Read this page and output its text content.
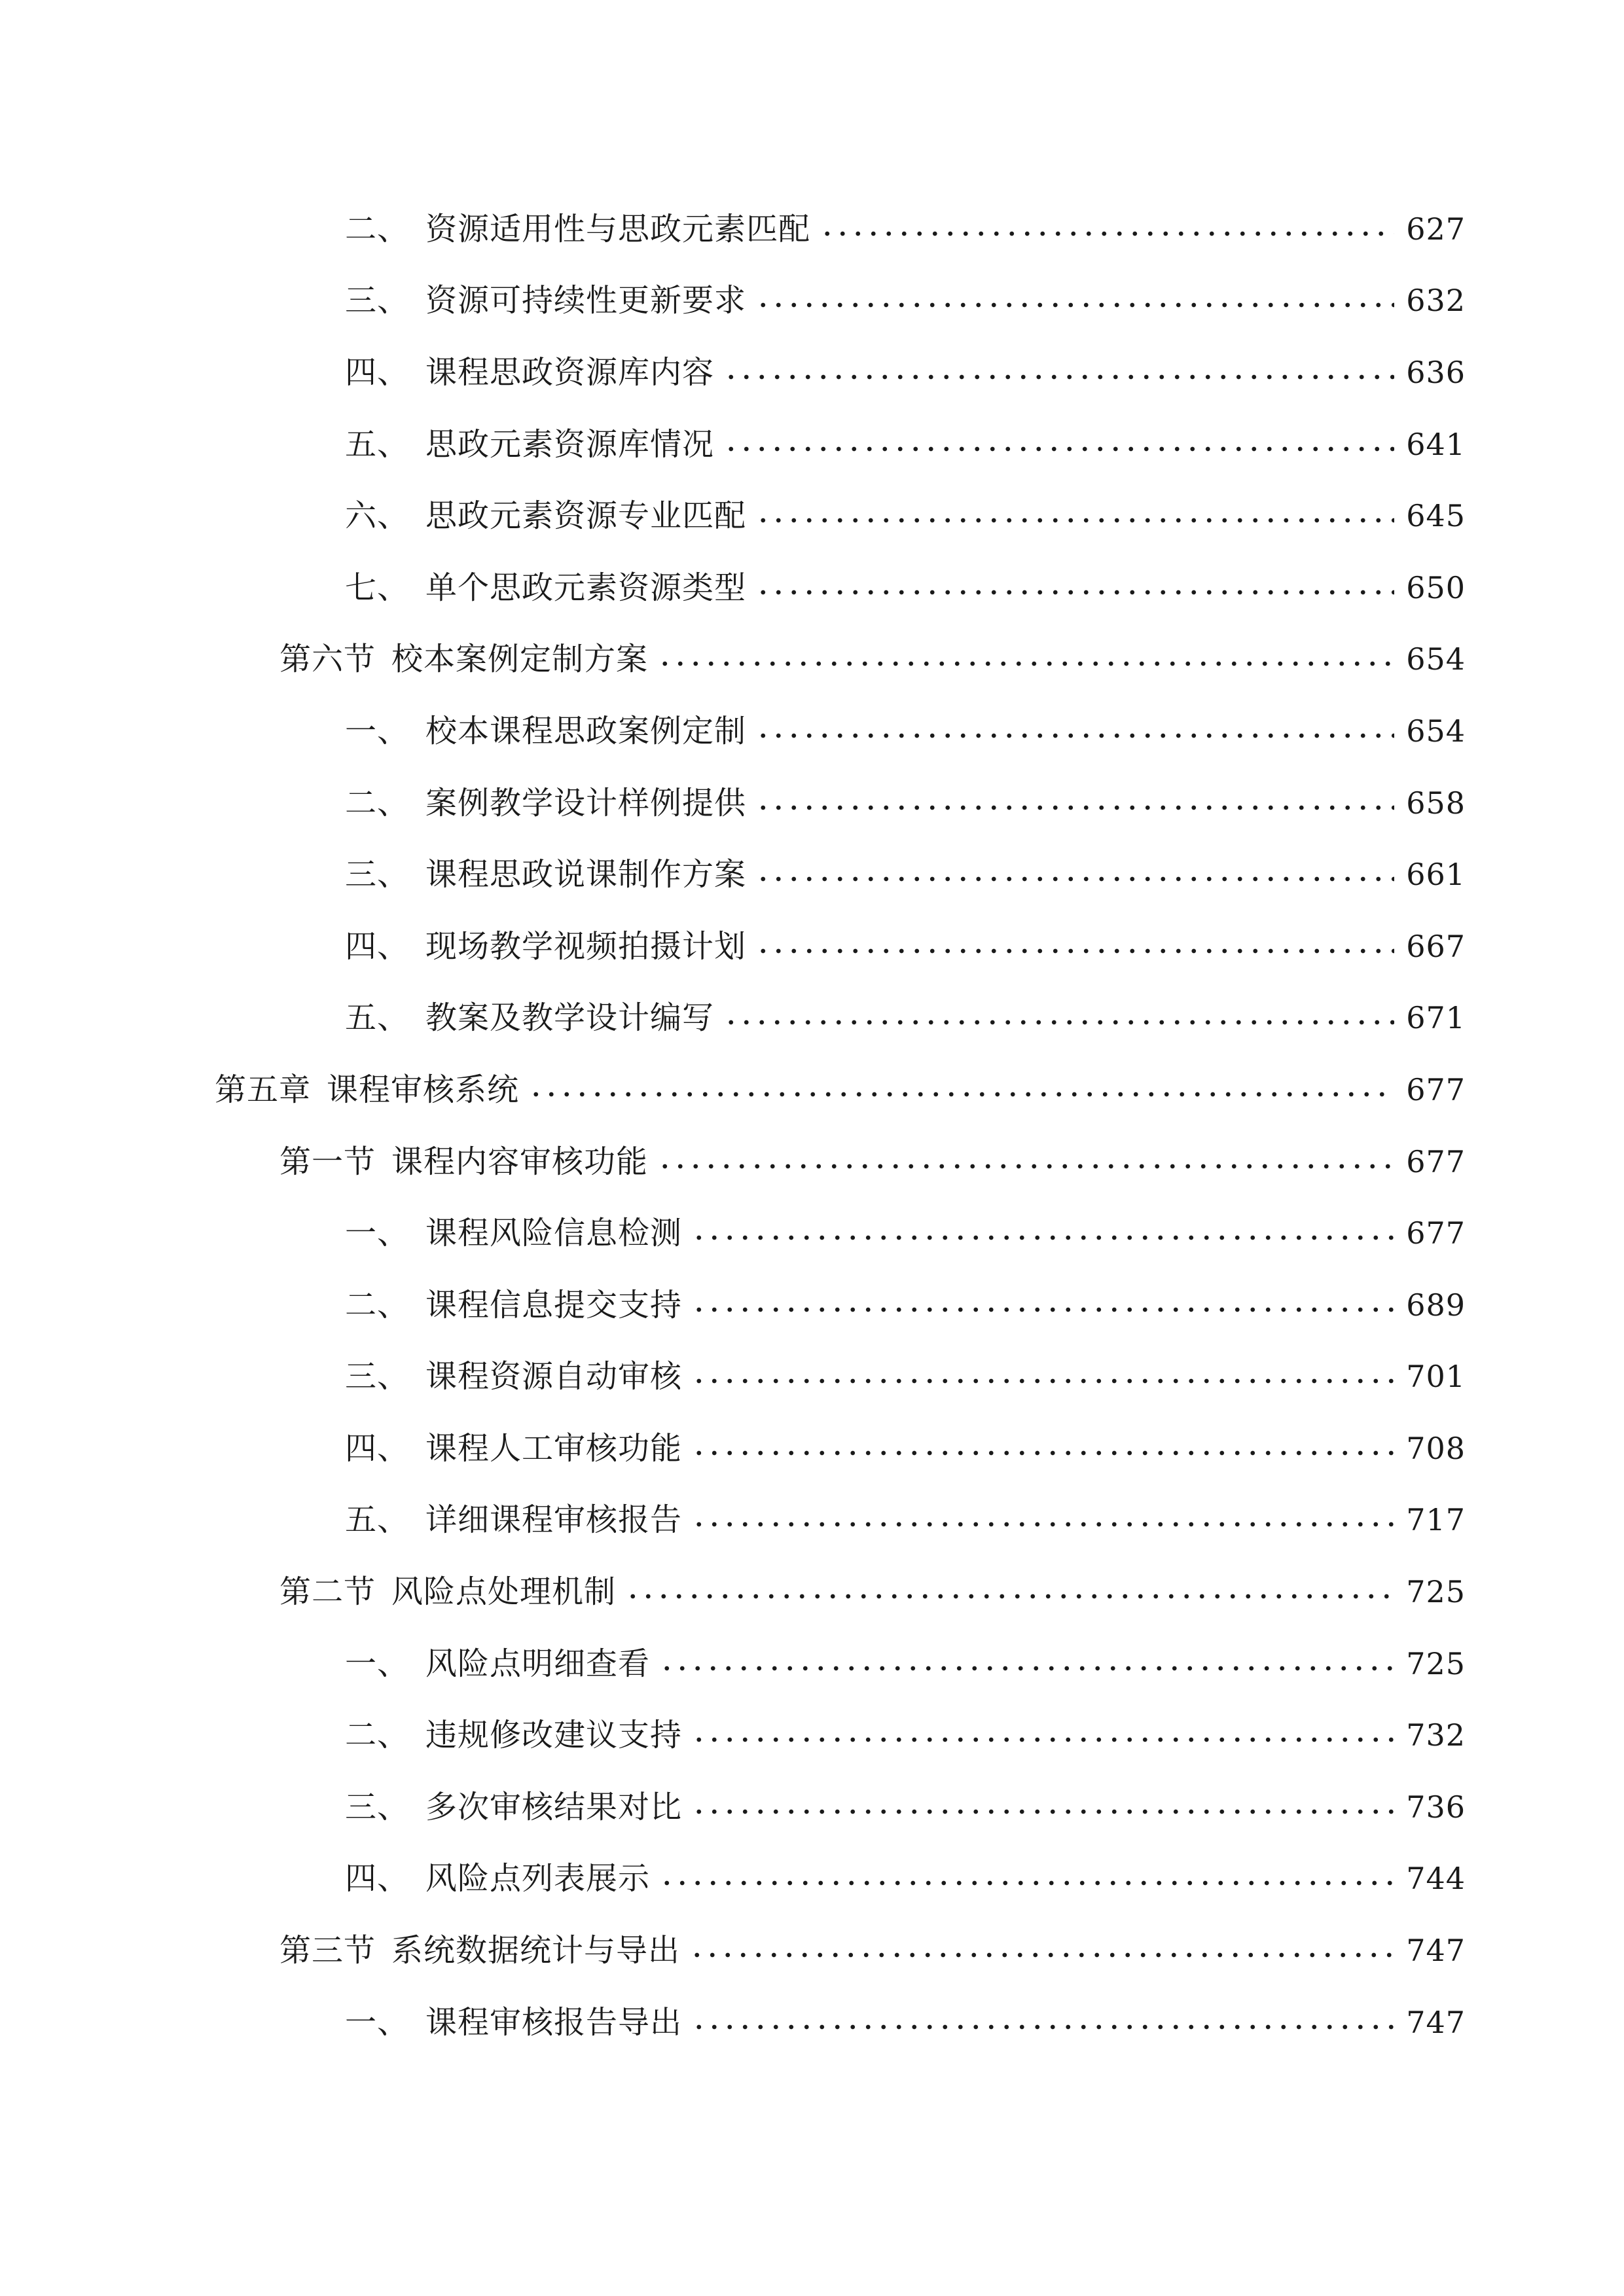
二、 资源适用性与思政元素匹配	627
三、 资源可持续性更新要求	632
四、 课程思政资源库内容	636
五、 思政元素资源库情况	641
六、 思政元素资源专业匹配	645
七、 单个思政元素资源类型	650
第六节 校本案例定制方案	654
一、 校本课程思政案例定制	654
二、 案例教学设计样例提供	658
三、 课程思政说课制作方案	661
四、 现场教学视频拍摄计划	667
五、 教案及教学设计编写	671
第五章 课程审核系统	677
第一节 课程内容审核功能	677
一、 课程风险信息检测	677
二、 课程信息提交支持	689
三、 课程资源自动审核	701
四、 课程人工审核功能	708
五、 详细课程审核报告	717
第二节 风险点处理机制	725
一、 风险点明细查看	725
二、 违规修改建议支持	732
三、 多次审核结果对比	736
四、 风险点列表展示	744
第三节 系统数据统计与导出	747
一、 课程审核报告导出	747
